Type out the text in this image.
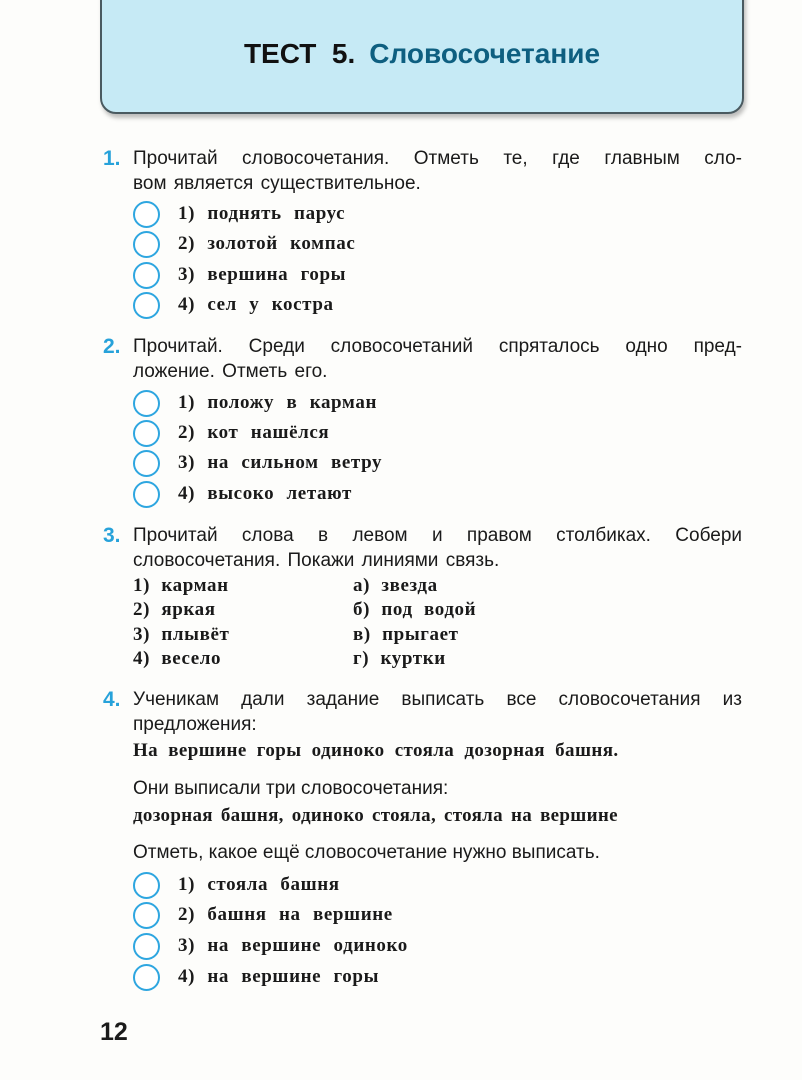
ТЕСТ  5. Словосочетание
1. Прочитай словосочетания. Отметь те, где главным сло-
вом является существительное.
1) поднять парус
2) золотой компас
3) вершина горы
4) сел у костра
2. Прочитай. Среди словосочетаний спряталось одно пред-
ложение. Отметь его.
1) положу в карман
2) кот нашёлся
3) на сильном ветру
4) высоко летают
3. Прочитай слова в левом и правом столбиках. Собери
словосочетания. Покажи линиями связь.
1) карман
2) яркая
3) плывёт
4) весело
а) звезда
б) под водой
в) прыгает
г) куртки
4. Ученикам дали задание выписать все словосочетания из
предложения:
На вершине горы одиноко стояла дозорная башня.
Они выписали три словосочетания:
дозорная башня, одиноко стояла, стояла на вершине
Отметь, какое ещё словосочетание нужно выписать.
1) стояла башня
2) башня на вершине
3) на вершине одиноко
4) на вершине горы
12
